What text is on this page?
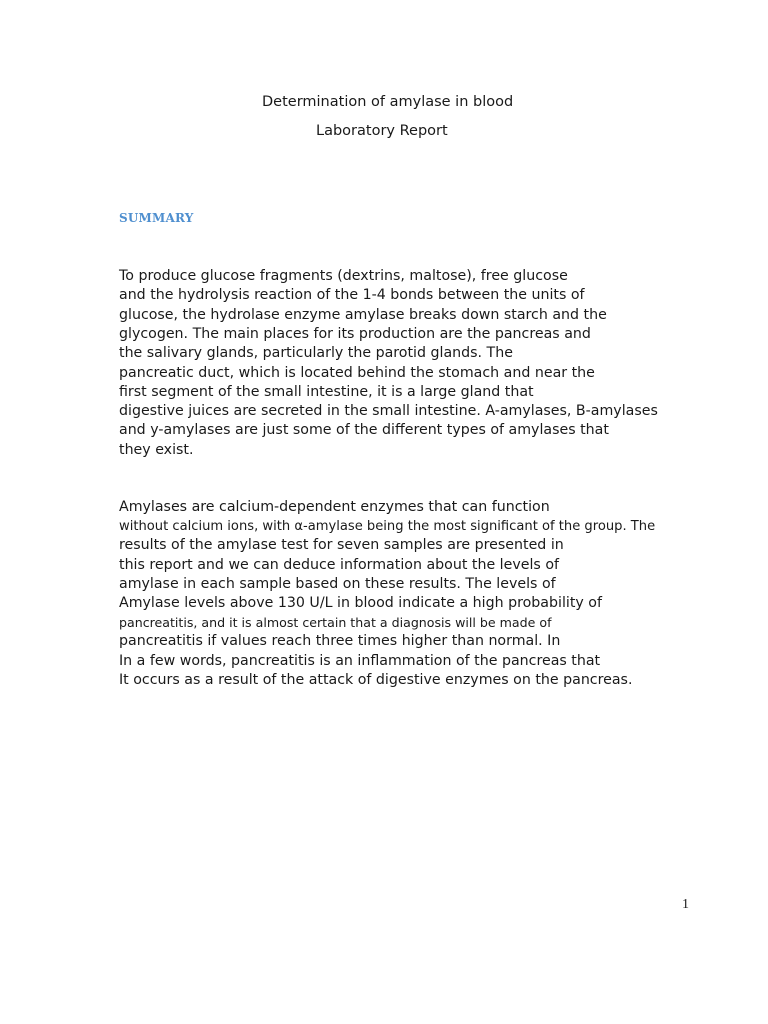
Determination of amylase in blood
Laboratory Report
SUMMARY
To produce glucose fragments (dextrins, maltose), free glucose
and the hydrolysis reaction of the 1-4 bonds between the units of
glucose, the hydrolase enzyme amylase breaks down starch and the
glycogen. The main places for its production are the pancreas and
the salivary glands, particularly the parotid glands. The
pancreatic duct, which is located behind the stomach and near the
first segment of the small intestine, it is a large gland that
digestive juices are secreted in the small intestine. A-amylases, B-amylases
and y-amylases are just some of the different types of amylases that
they exist.
Amylases are calcium-dependent enzymes that can function
without calcium ions, with α-amylase being the most significant of the group. The
results of the amylase test for seven samples are presented in
this report and we can deduce information about the levels of
amylase in each sample based on these results. The levels of
Amylase levels above 130 U/L in blood indicate a high probability of
pancreatitis, and it is almost certain that a diagnosis will be made of
pancreatitis if values reach three times higher than normal. In
In a few words, pancreatitis is an inflammation of the pancreas that
It occurs as a result of the attack of digestive enzymes on the pancreas.
1
